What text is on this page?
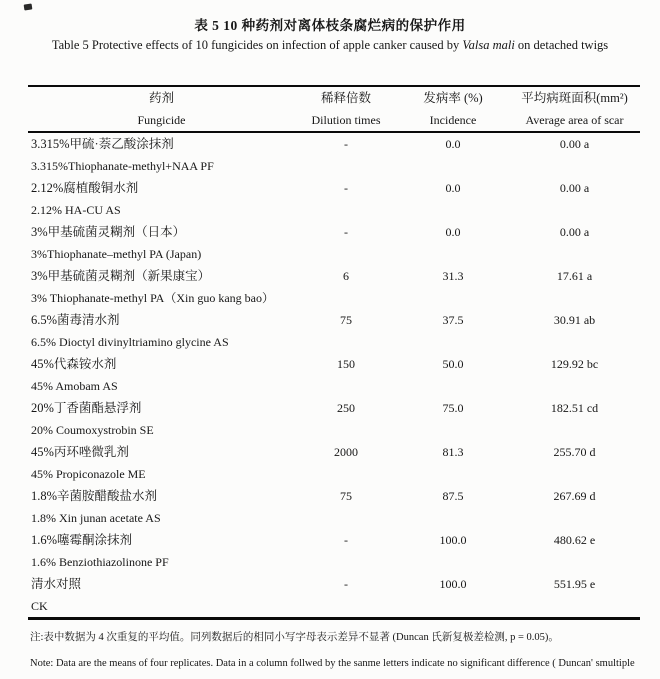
表 5 10 种药剂对离体枝条腐烂病的保护作用
Table 5 Protective effects of 10 fungicides on infection of apple canker caused by Valsa mali on detached twigs
药剂	稀释倍数	发病率 (%)	平均病斑面积(mm²)
Fungicide	Dilution times	Incidence	Average area of scar
3.315%甲硫·萘乙酸涂抹剂	-	0.0	0.00 a
3.315%Thiophanate-methyl+NAA PF			
2.12%腐植酸铜水剂	-	0.0	0.00 a
2.12% HA-CU AS			
3%甲基硫菌灵糊剂（日本）	-	0.0	0.00 a
3%Thiophanate–methyl PA (Japan)			
3%甲基硫菌灵糊剂（新果康宝）	6	31.3	17.61 a
3% Thiophanate-methyl PA（Xin guo kang bao）			
6.5%菌毒清水剂	75	37.5	30.91 ab
6.5% Dioctyl divinyltriamino glycine AS			
45%代森铵水剂	150	50.0	129.92 bc
45% Amobam AS			
20%丁香菌酯悬浮剂	250	75.0	182.51 cd
20% Coumoxystrobin SE			
45%丙环唑微乳剂	2000	81.3	255.70 d
45% Propiconazole ME			
1.8%辛菌胺醋酸盐水剂	75	87.5	267.69 d
1.8% Xin junan acetate AS			
1.6%噻霉酮涂抹剂	-	100.0	480.62 e
1.6% Benziothiazolinone PF			
清水对照	-	100.0	551.95 e
CK			
注:表中数据为 4 次重复的平均值。同列数据后的相同小写字母表示差异不显著 (Duncan 氏新复极差检测, p = 0.05)。
Note: Data are the means of four replicates. Data in a column follwed by the sanme letters indicate no significant difference ( Duncan' smultiple
